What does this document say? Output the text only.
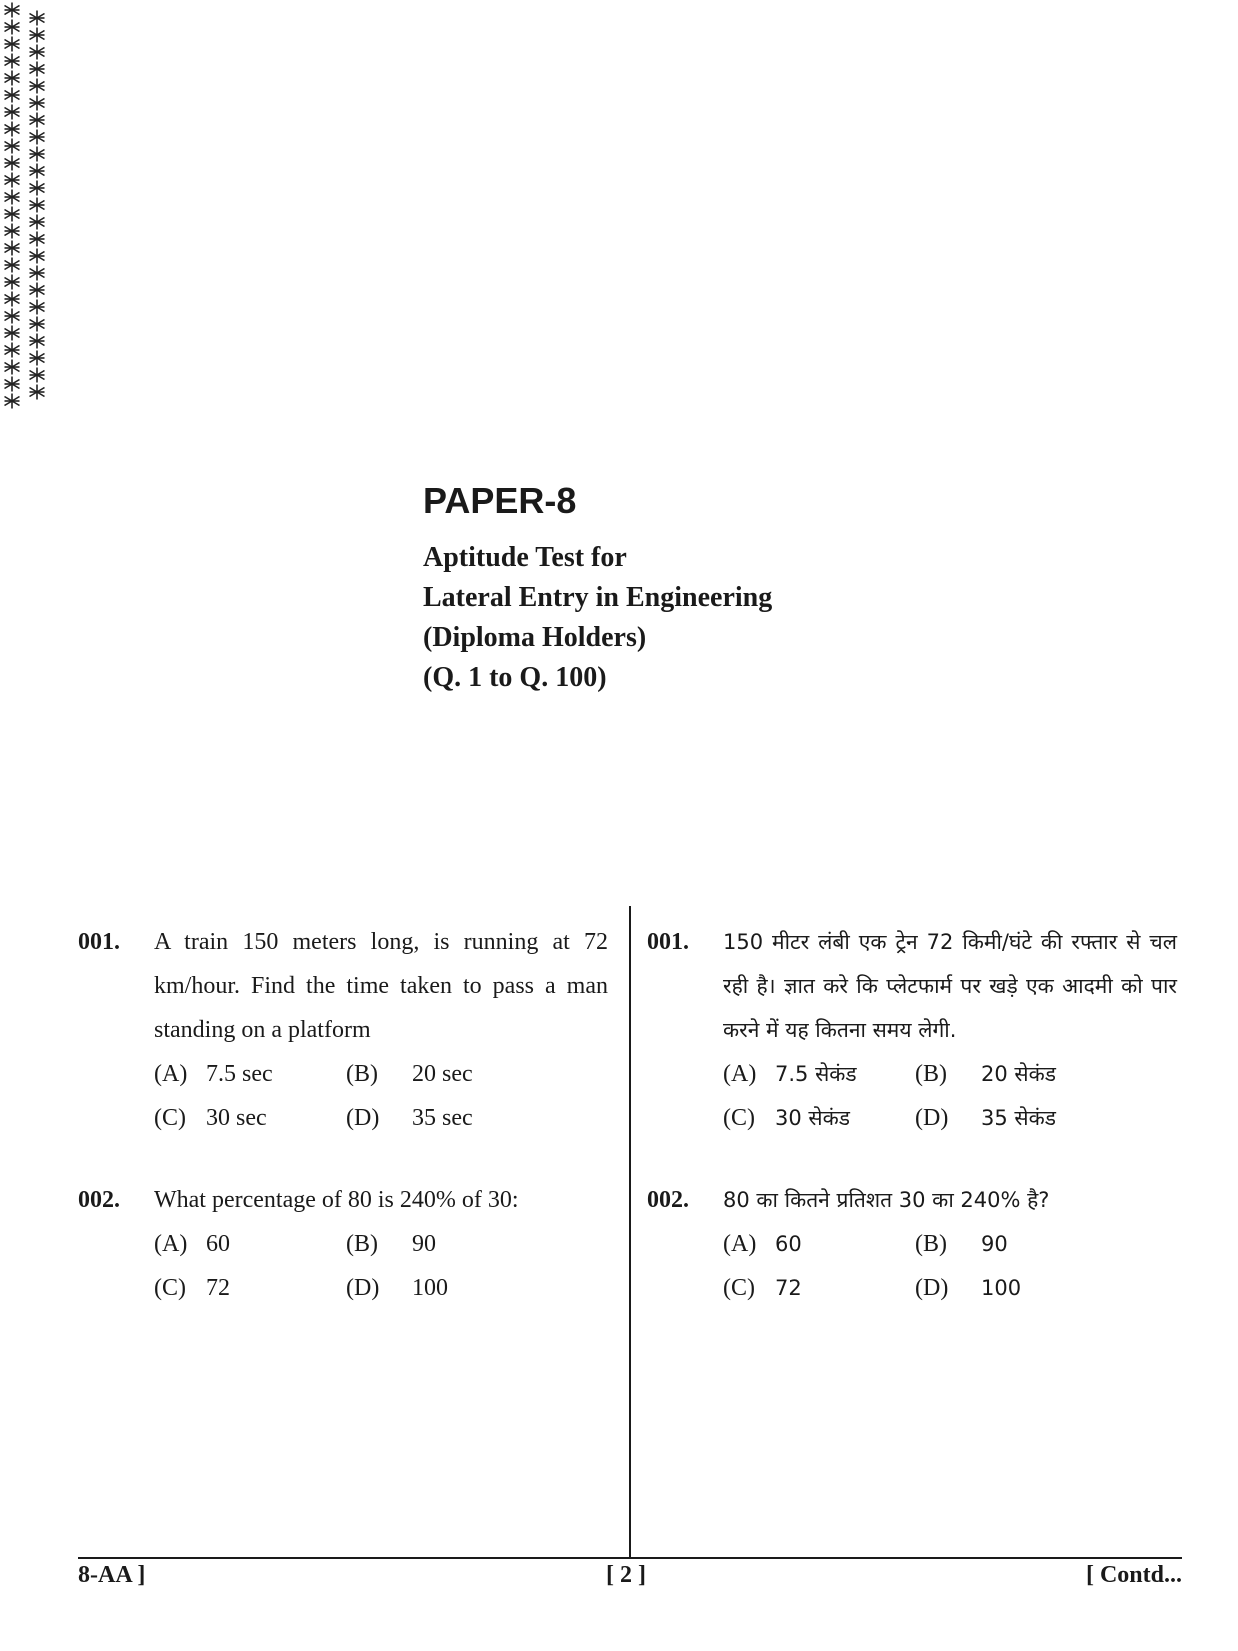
PAPER-8
Aptitude Test for
Lateral Entry in Engineering
(Diploma Holders)
(Q. 1 to Q. 100)
001. A train 150 meters long, is running at 72 km/hour. Find the time taken to pass a man standing on a platform
(A) 7.5 sec	(B) 20 sec
(C) 30 sec	(D) 35 sec
002. What percentage of 80 is 240% of 30:
(A) 60	(B) 90
(C) 72	(D) 100
001. 150 मीटर लंबी एक ट्रेन 72 किमी/घंटे की रफ्तार से चल रही है। ज्ञात करे कि प्लेटफार्म पर खड़े एक आदमी को पार करने में यह कितना समय लेगी.
(A) 7.5 सेकंड	(B) 20 सेकंड
(C) 30 सेकंड	(D) 35 सेकंड
002. 80 का कितने प्रतिशत 30 का 240% है?
(A) 60	(B) 90
(C) 72	(D) 100
8-AA ]	[ 2 ]	[ Contd...
